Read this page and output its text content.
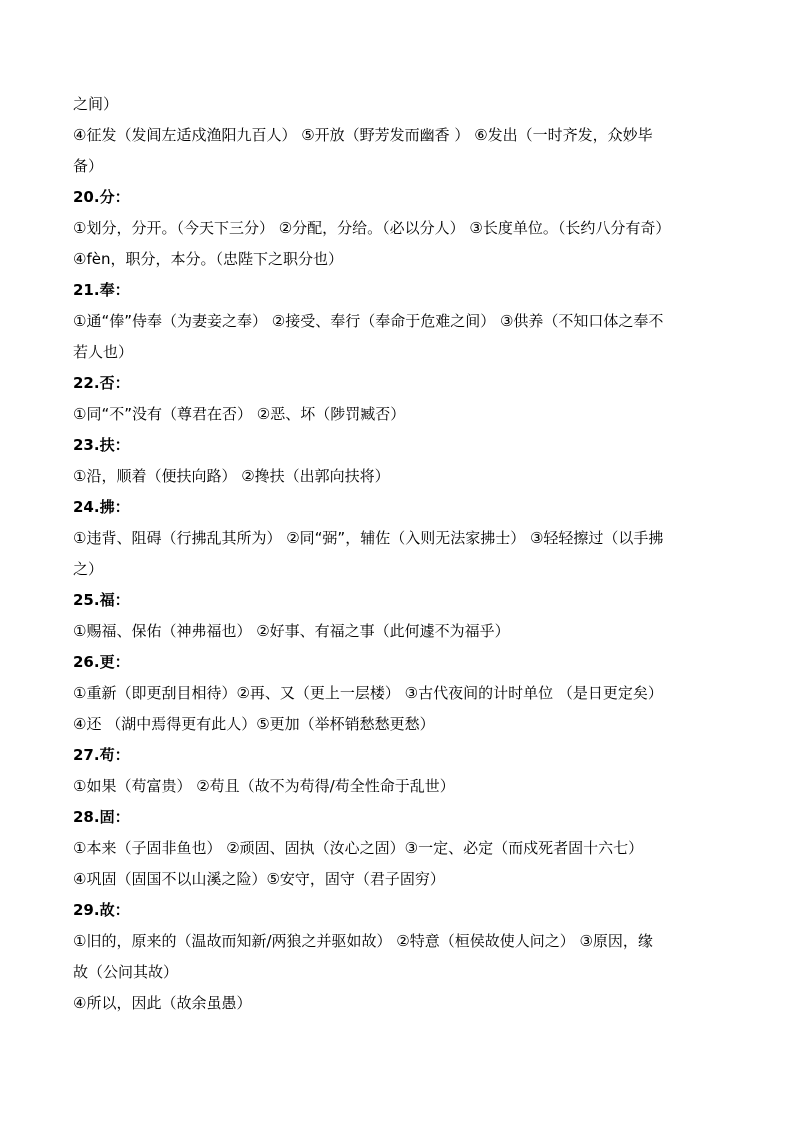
之间）
④征发（发闾左适戍渔阳九百人） ⑤开放（野芳发而幽香 ） ⑥发出（一时齐发，众妙毕
备）
20.分：
①划分，分开。（今天下三分） ②分配，分给。（必以分人） ③长度单位。（长约八分有奇）
④fèn，职分，本分。（忠陛下之职分也）
21.奉：
①通“俸”侍奉（为妻妾之奉） ②接受、奉行（奉命于危难之间） ③供养（不知口体之奉不
若人也）
22.否：
①同“不”没有（尊君在否） ②恶、坏（陟罚臧否）
23.扶：
①沿，顺着（便扶向路） ②搀扶（出郭向扶将）
24.拂：
①违背、阻碍（行拂乱其所为） ②同“弼”，辅佐（入则无法家拂士） ③轻轻擦过（以手拂
之）
25.福：
①赐福、保佑（神弗福也） ②好事、有福之事（此何遽不为福乎）
26.更：
①重新（即更刮目相待）②再、又（更上一层楼） ③古代夜间的计时单位 （是日更定矣）
④还 （湖中焉得更有此人）⑤更加（举杯销愁愁更愁）
27.苟：
①如果（苟富贵） ②苟且（故不为苟得/苟全性命于乱世）
28.固：
①本来（子固非鱼也） ②顽固、固执（汝心之固）③一定、必定（而戍死者固十六七）
④巩固（固国不以山溪之险）⑤安守，固守（君子固穷）
29.故：
①旧的，原来的（温故而知新/两狼之并驱如故） ②特意（桓侯故使人问之） ③原因，缘
故（公问其故）
④所以，因此（故余虽愚）
